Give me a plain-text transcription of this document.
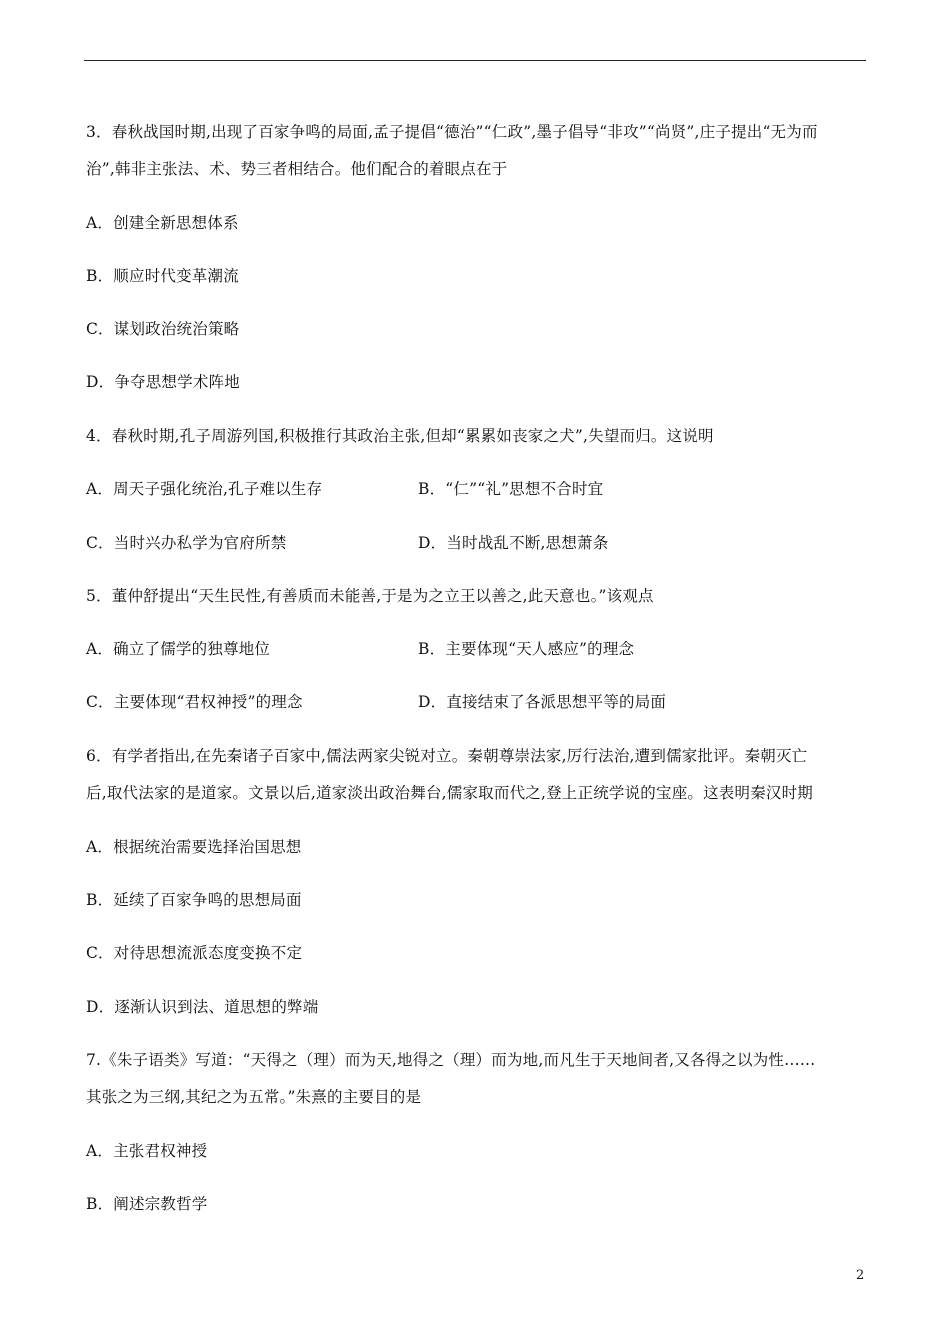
3．春秋战国时期,出现了百家争鸣的局面,孟子提倡“德治”“仁政”,墨子倡导“非攻”“尚贤”,庄子提出“无为而
治”,韩非主张法、术、势三者相结合。他们配合的着眼点在于
A．创建全新思想体系
B．顺应时代变革潮流
C．谋划政治统治策略
D．争夺思想学术阵地
4．春秋时期,孔子周游列国,积极推行其政治主张,但却“累累如丧家之犬”,失望而归。这说明
A．周天子强化统治,孔子难以生存	B．“仁”“礼”思想不合时宜
C．当时兴办私学为官府所禁	D．当时战乱不断,思想萧条
5．董仲舒提出“天生民性,有善质而未能善,于是为之立王以善之,此天意也。”该观点
A．确立了儒学的独尊地位	B．主要体现“天人感应”的理念
C．主要体现“君权神授”的理念	D．直接结束了各派思想平等的局面
6．有学者指出,在先秦诸子百家中,儒法两家尖锐对立。秦朝尊崇法家,厉行法治,遭到儒家批评。秦朝灭亡
后,取代法家的是道家。文景以后,道家淡出政治舞台,儒家取而代之,登上正统学说的宝座。这表明秦汉时期
A．根据统治需要选择治国思想
B．延续了百家争鸣的思想局面
C．对待思想流派态度变换不定
D．逐渐认识到法、道思想的弊端
7.《朱子语类》写道：“天得之（理）而为天,地得之（理）而为地,而凡生于天地间者,又各得之以为性……
其张之为三纲,其纪之为五常。”朱熹的主要目的是
A．主张君权神授
B．阐述宗教哲学
2
